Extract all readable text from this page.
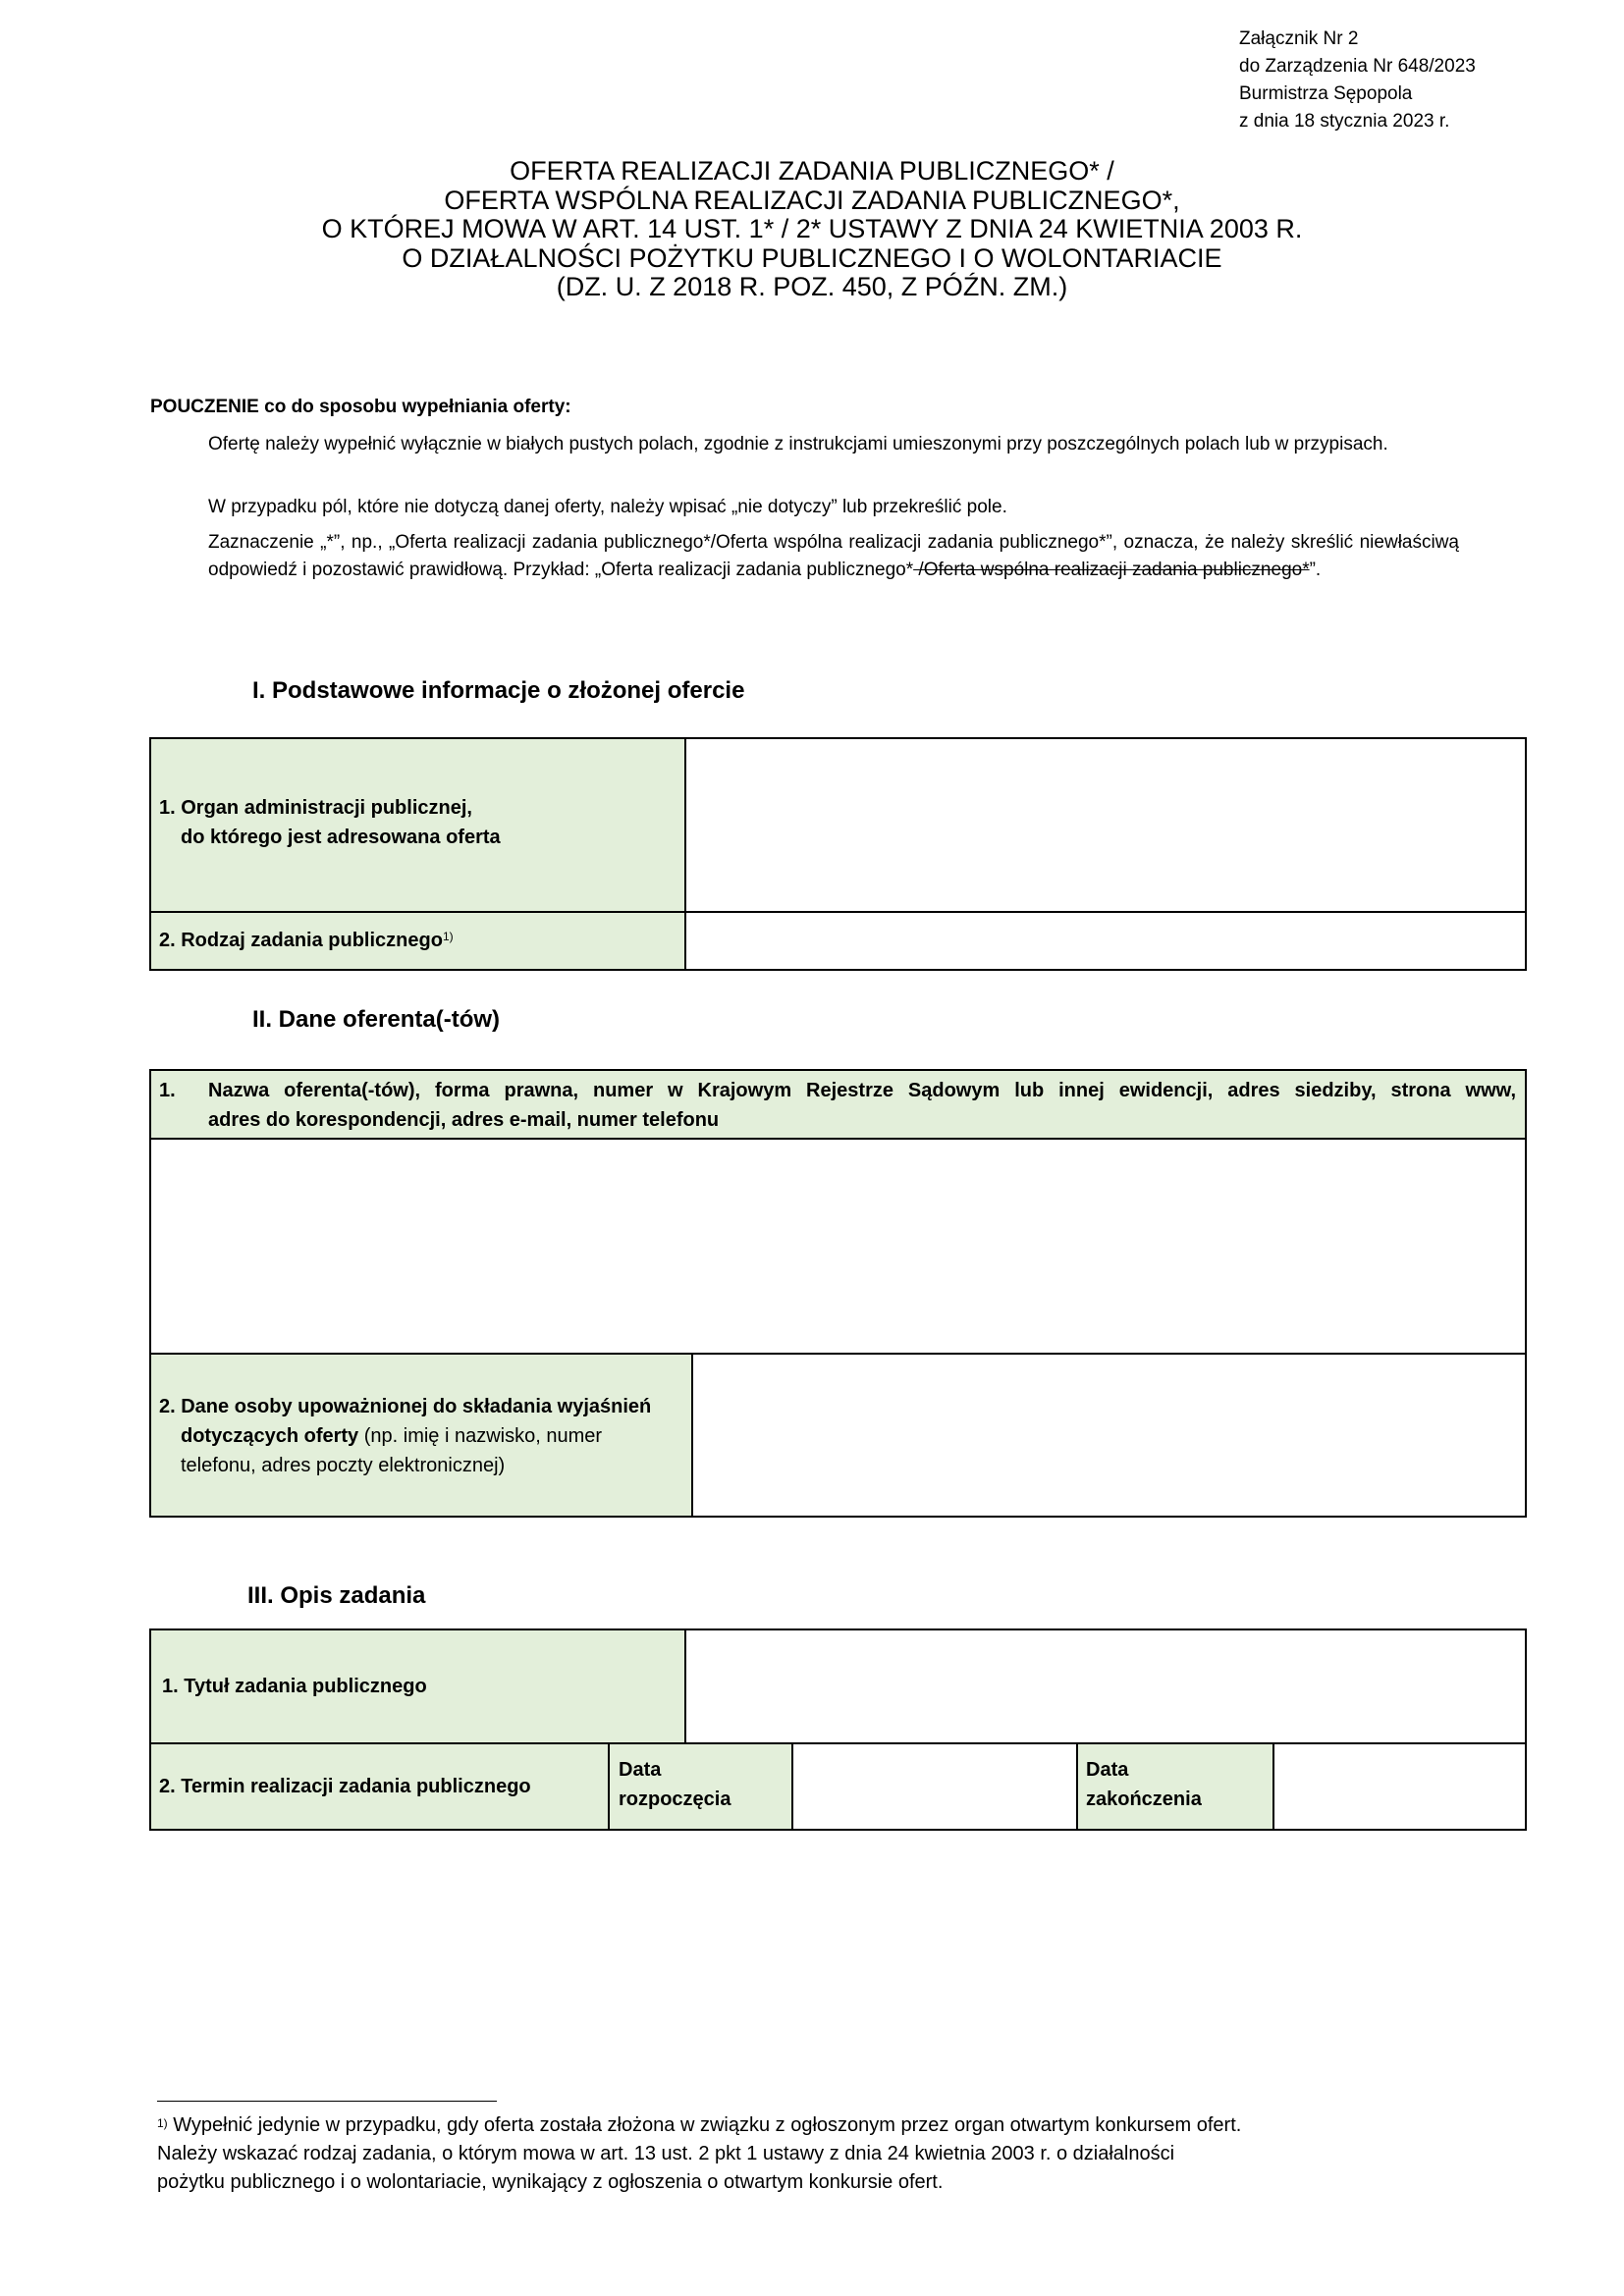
Załącznik Nr 2
do Zarządzenia Nr 648/2023
Burmistrza Sępopola
z dnia 18 stycznia 2023 r.
OFERTA REALIZACJI ZADANIA PUBLICZNEGO* /
OFERTA WSPÓLNA REALIZACJI ZADANIA PUBLICZNEGO*,
O KTÓREJ MOWA W ART. 14 UST. 1* / 2* USTAWY Z DNIA 24 KWIETNIA 2003 R.
O DZIAŁALNOŚCI POŻYTKU PUBLICZNEGO I O WOLONTARIACIE
(DZ. U. Z 2018 R. POZ. 450, Z PÓŹN. ZM.)
POUCZENIE co do sposobu wypełniania oferty:
Ofertę należy wypełnić wyłącznie w białych pustych polach, zgodnie z instrukcjami umieszonymi przy poszczególnych polach lub w przypisach.
W przypadku pól, które nie dotyczą danej oferty, należy wpisać „nie dotyczy” lub przekreślić pole.
Zaznaczenie „*”, np., „Oferta realizacji zadania publicznego*/Oferta wspólna realizacji zadania publicznego*”, oznacza, że należy skreślić niewłaściwą odpowiedź i pozostawić prawidłową. Przykład: „Oferta realizacji zadania publicznego* /Oferta wspólna realizacji zadania publicznego*”.
I. Podstawowe informacje o złożonej ofercie
1. Organ administracji publicznej,
do którego jest adresowana oferta
2. Rodzaj zadania publicznego$^{1)}$
II. Dane oferenta(-tów)
1. Nazwa oferenta(-tów), forma prawna, numer w Krajowym Rejestrze Sądowym lub innej ewidencji, adres siedziby, strona www,
adres do korespondencji, adres e-mail, numer telefonu
2. Dane osoby upoważnionej do składania wyjaśnień
dotyczących oferty (np. imię i nazwisko, numer
telefonu, adres poczty elektronicznej)
III. Opis zadania
1. Tytuł zadania publicznego
2. Termin realizacji zadania publicznego
Data
rozpoczęcia
Data
zakończenia
$^{1)}$ Wypełnić jedynie w przypadku, gdy oferta została złożona w związku z ogłoszonym przez organ otwartym konkursem ofert.
Należy wskazać rodzaj zadania, o którym mowa w art. 13 ust. 2 pkt 1 ustawy z dnia 24 kwietnia 2003 r. o działalności
pożytku publicznego i o wolontariacie, wynikający z ogłoszenia o otwartym konkursie ofert.
